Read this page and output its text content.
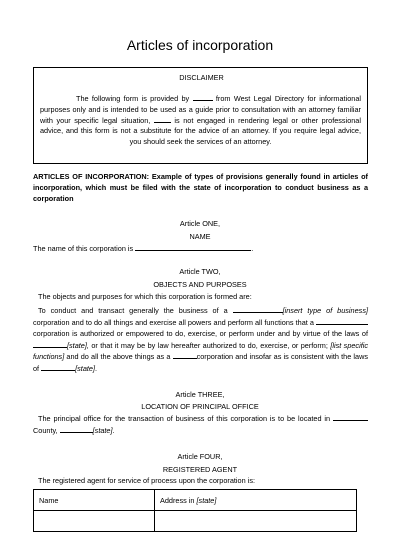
Articles of incorporation
DISCLAIMER
The following form is provided by	from West Legal Directory for informational purposes only and is intended to be used as a guide prior to consultation with an attorney familiar with your specific legal situation,	is not engaged in rendering legal or other professional advice, and this form is not a substitute for the advice of an attorney. If you require legal advice, you should seek the services of an attorney.
ARTICLES OF INCORPORATION: Example of types of provisions generally found in articles of incorporation, which must be filed with the state of incorporation to conduct business as a corporation
Article ONE,
NAME
The name of this corporation is	.
Article TWO,
OBJECTS AND PURPOSES
The objects and purposes for which this corporation is formed are:
To conduct and transact generally the business of a	[insert type of business] corporation and to do all things and exercise all powers and perform all functions that a corporation is authorized or empowered to do, exercise, or perform under and by virtue of the laws of [state], or that it may be by law hereafter authorized to do, exercise, or perform; [list specific functions] and do all the above things as a	corporation and insofar as is consistent with the laws of	[state].
Article THREE,
LOCATION OF PRINCIPAL OFFICE
The principal office for the transaction of business of this corporation is to be located in  County,	[state].
Article FOUR,
REGISTERED AGENT
The registered agent for service of process upon the corporation is:
Name	Address in [state]
